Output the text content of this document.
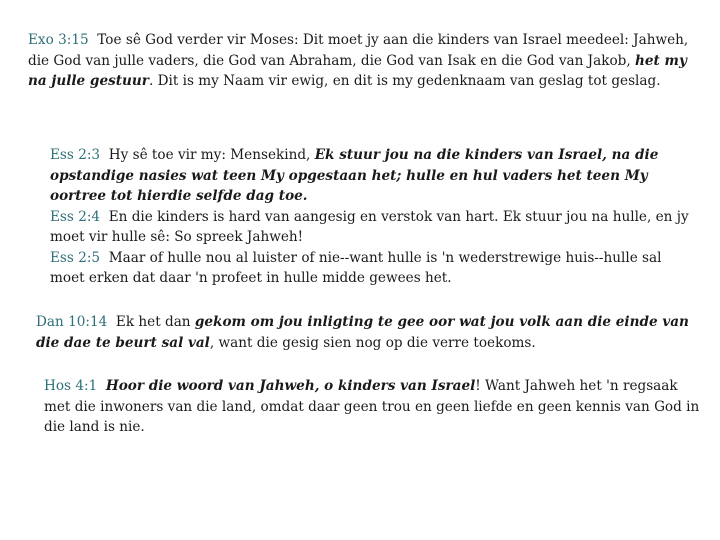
Exo 3:15 Toe sê God verder vir Moses: Dit moet jy aan die kinders van Israel meedeel: Jahweh, die God van julle vaders, die God van Abraham, die God van Isak en die God van Jakob, het my na julle gestuur. Dit is my Naam vir ewig, en dit is my gedenknaam van geslag tot geslag.
Ess 2:3 Hy sê toe vir my: Mensekind, Ek stuur jou na die kinders van Israel, na die opstandige nasies wat teen My opgestaan het; hulle en hul vaders het teen My oortree tot hierdie selfde dag toe.
Ess 2:4 En die kinders is hard van aangesig en verstok van hart. Ek stuur jou na hulle, en jy moet vir hulle sê: So spreek Jahweh!
Ess 2:5 Maar of hulle nou al luister of nie--want hulle is 'n wederstrewige huis--hulle sal moet erken dat daar 'n profeet in hulle midde gewees het.
Dan 10:14 Ek het dan gekom om jou inligting te gee oor wat jou volk aan die einde van die dae te beurt sal val, want die gesig sien nog op die verre toekoms.
Hos 4:1 Hoor die woord van Jahweh, o kinders van Israel! Want Jahweh het 'n regsaak met die inwoners van die land, omdat daar geen trou en geen liefde en geen kennis van God in die land is nie.
